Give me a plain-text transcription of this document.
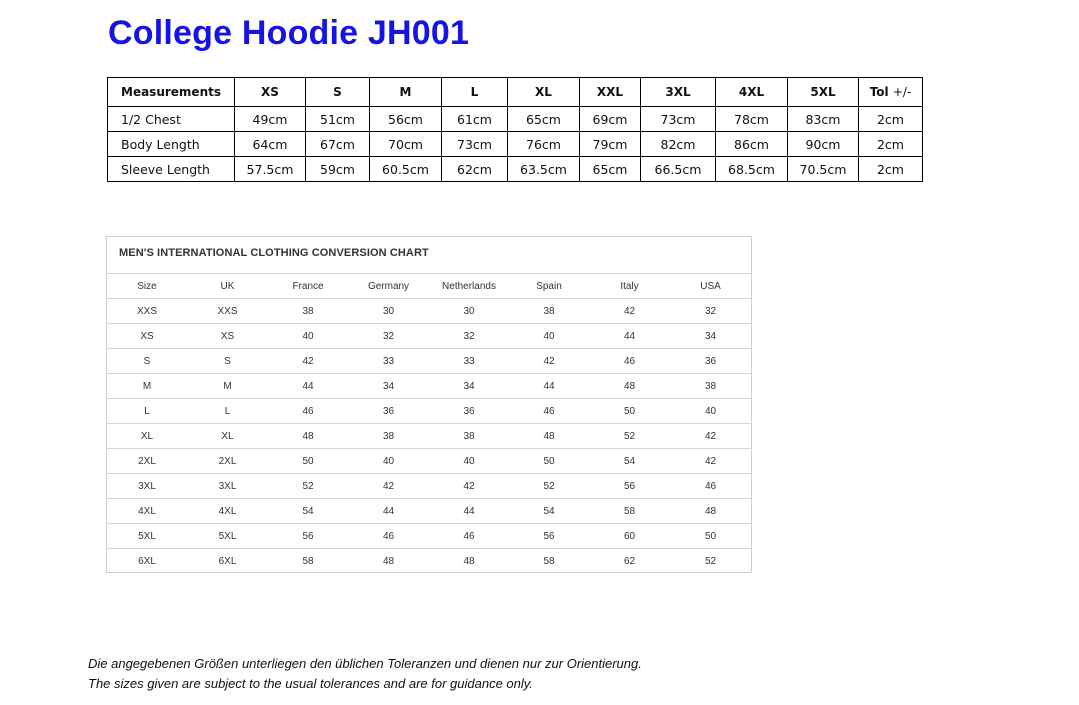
College Hoodie JH001
Measurements	XS	S	M	L	XL	XXL	3XL	4XL	5XL	Tol +/-
1/2 Chest	49cm	51cm	56cm	61cm	65cm	69cm	73cm	78cm	83cm	2cm
Body Length	64cm	67cm	70cm	73cm	76cm	79cm	82cm	86cm	90cm	2cm
Sleeve Length	57.5cm	59cm	60.5cm	62cm	63.5cm	65cm	66.5cm	68.5cm	70.5cm	2cm
MEN'S INTERNATIONAL CLOTHING CONVERSION CHART
Size	UK	France	Germany	Netherlands	Spain	Italy	USA
XXS	XXS	38	30	30	38	42	32
XS	XS	40	32	32	40	44	34
S	S	42	33	33	42	46	36
M	M	44	34	34	44	48	38
L	L	46	36	36	46	50	40
XL	XL	48	38	38	48	52	42
2XL	2XL	50	40	40	50	54	42
3XL	3XL	52	42	42	52	56	46
4XL	4XL	54	44	44	54	58	48
5XL	5XL	56	46	46	56	60	50
6XL	6XL	58	48	48	58	62	52
Die angegebenen Größen unterliegen den üblichen Toleranzen und dienen nur zur Orientierung.
The sizes given are subject to the usual tolerances and are for guidance only.
